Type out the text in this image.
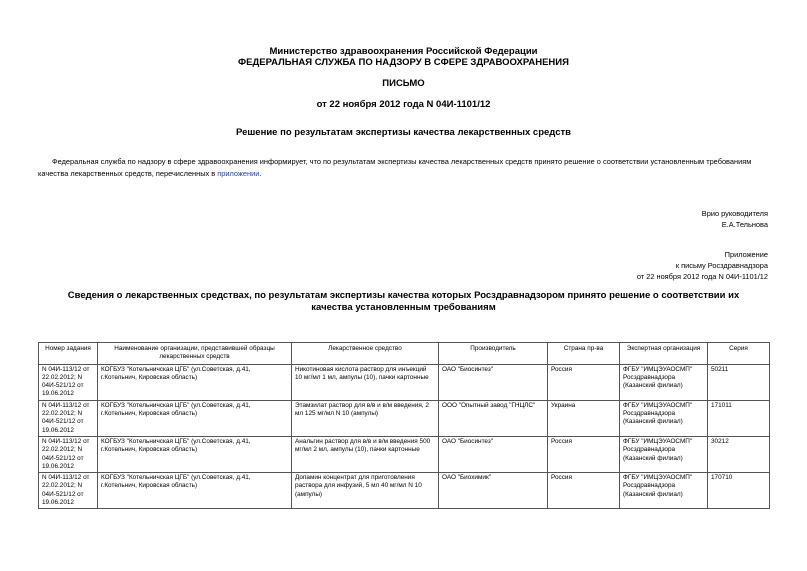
Министерство здравоохранения Российской Федерации
ФЕДЕРАЛЬНАЯ СЛУЖБА ПО НАДЗОРУ В СФЕРЕ ЗДРАВООХРАНЕНИЯ
ПИСЬМО
от 22 ноября 2012 года N 04И-1101/12
Решение по результатам экспертизы качества лекарственных средств
Федеральная служба по надзору в сфере здравоохранения информирует, что по результатам экспертизы качества лекарственных средств принято решение о соответствии установленным требованиям качества лекарственных средств, перечисленных в приложении.
Врио руководителя
Е.А.Тельнова
Приложение
к письму Росздравнадзора
от 22 ноября 2012 года N 04И-1101/12
Сведения о лекарственных средствах, по результатам экспертизы качества которых Росздравнадзором принято решение о соответствии их качества установленным требованиям
Номер задания	Наименование организации, представившей образцы лекарственных средств	Лекарственное средство	Производитель	Страна пр-ва	Экспертная организация	Серия
N 04И-113/12 от 22.02.2012; N 04И-521/12 от 19.06.2012	КОГБУЗ "Котельничская ЦГБ" (ул.Советская, д.41, г.Котельнич, Кировская область)	Никотиновая кислота раствор для инъекций 10 мг/мл 1 мл, ампулы (10), пачки картонные	ОАО "Биосинтез"	Россия	ФГБУ "ИМЦЭУАОСМП" Росздравнадзора (Казанский филиал)	50211
N 04И-113/12 от 22.02.2012; N 04И-521/12 от 19.06.2012	КОГБУЗ "Котельничская ЦГБ" (ул.Советская, д.41, г.Котельнич, Кировская область)	Этамзилат раствор для в/в и в/м введения, 2 мл 125 мг/мл N 10 (ампулы)	ООО "Опытный завод "ГНЦЛС"	Украина	ФГБУ "ИМЦЭУАОСМП" Росздравнадзора (Казанский филиал)	171011
N 04И-113/12 от 22.02.2012; N 04И-521/12 от 19.06.2012	КОГБУЗ "Котельничская ЦГБ" (ул.Советская, д.41, г.Котельнич, Кировская область)	Анальгин раствор для в/в и в/м введения 500 мг/мл 2 мл, ампулы (10), пачки картонные	ОАО "Биосинтез"	Россия	ФГБУ "ИМЦЭУАОСМП" Росздравнадзора (Казанский филиал)	30212
N 04И-113/12 от 22.02.2012; N 04И-521/12 от 19.06.2012	КОГБУЗ "Котельничская ЦГБ" (ул.Советская, д.41, г.Котельнич, Кировская область)	Допамин концентрат для приготовления раствора для инфузий, 5 мл 40 мг/мл N 10 (ампулы)	ОАО "Биохимик"	Россия	ФГБУ "ИМЦЭУАОСМП" Росздравнадзора (Казанский филиал)	170710
